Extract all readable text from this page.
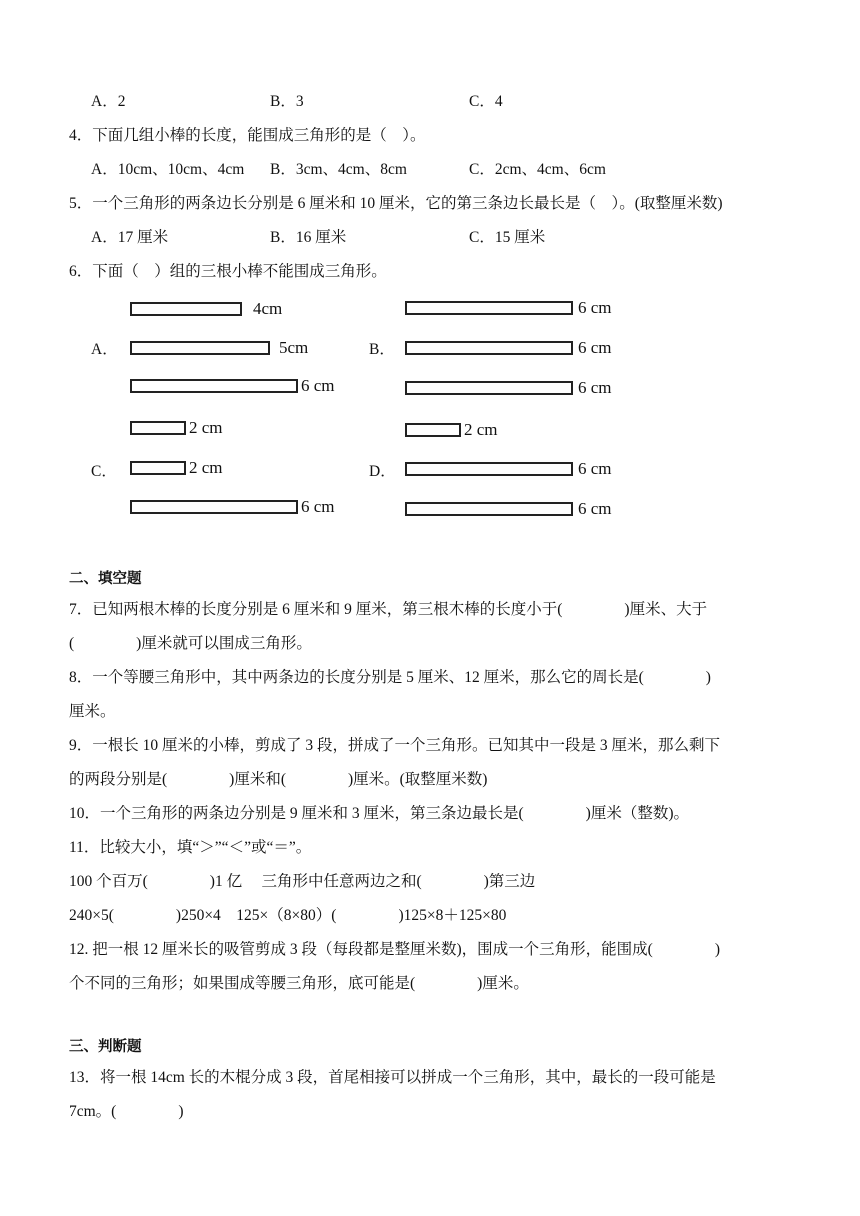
A．2	B．3	C．4
4．下面几组小棒的长度，能围成三角形的是（　）。
A．10cm、10cm、4cm B．3cm、4cm、8cm	C．2cm、4cm、6cm
5．一个三角形的两条边长分别是 6 厘米和 10 厘米，它的第三条边长最长是（　）。(取整厘米数)
A．17 厘米	B．16 厘米	C．15 厘米
6．下面（　）组的三根小棒不能围成三角形。
A．
4cm
5cm
6 cm
B．
6 cm
6 cm
6 cm
C．
2 cm
2 cm
6 cm
D．
2 cm
6 cm
6 cm
二、填空题
7．已知两根木棒的长度分别是 6 厘米和 9 厘米，第三根木棒的长度小于(　　　　)厘米、大于
(　　　　)厘米就可以围成三角形。
8．一个等腰三角形中，其中两条边的长度分别是 5 厘米、12 厘米，那么它的周长是(　　　　)
厘米。
9．一根长 10 厘米的小棒，剪成了 3 段，拼成了一个三角形。已知其中一段是 3 厘米，那么剩下
的两段分别是(　　　　)厘米和(　　　　)厘米。(取整厘米数)
10．一个三角形的两条边分别是 9 厘米和 3 厘米，第三条边最长是(　　　　)厘米（整数)。
11．比较大小，填“＞”“＜”或“＝”。
100 个百万(　　　　)1 亿　 三角形中任意两边之和(　　　　)第三边
240×5(　　　　)250×4　125×（8×80）(　　　　)125×8＋125×80
12. 把一根 12 厘米长的吸管剪成 3 段（每段都是整厘米数)，围成一个三角形，能围成(　　　　)
个不同的三角形；如果围成等腰三角形，底可能是(　　　　)厘米。
三、判断题
13．将一根 14cm 长的木棍分成 3 段，首尾相接可以拼成一个三角形，其中，最长的一段可能是
7cm。(　　　　)
